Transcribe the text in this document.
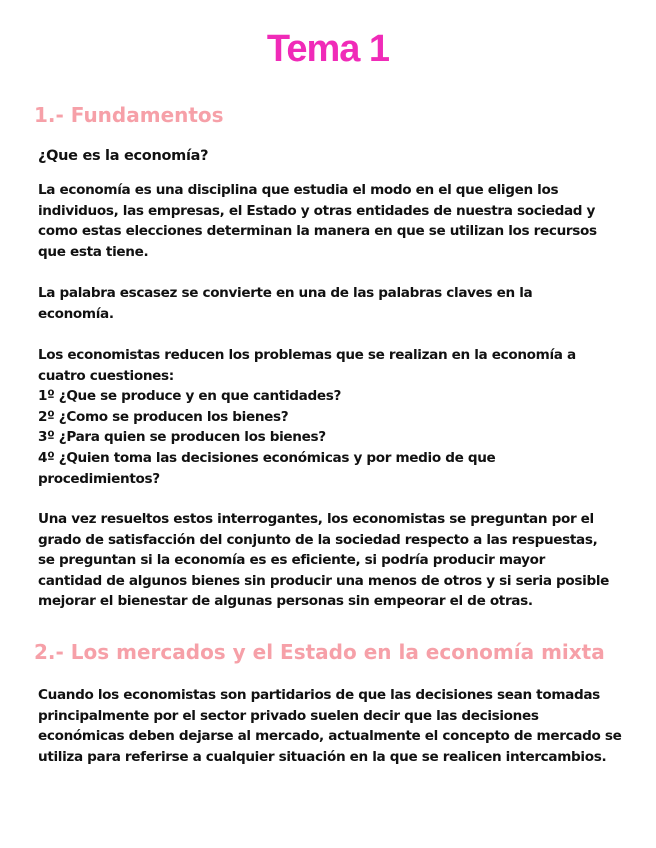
Tema 1
1.- Fundamentos
¿Que es la economía?
La economía es una disciplina que estudia el modo en el que eligen los
individuos, las empresas, el Estado y otras entidades de nuestra sociedad y
como estas elecciones determinan la manera en que se utilizan los recursos
que esta tiene.
La palabra escasez se convierte en una de las palabras claves en la
economía.
Los economistas reducen los problemas que se realizan en la economía a
cuatro cuestiones:
1º ¿Que se produce y en que cantidades?
2º ¿Como se producen los bienes?
3º ¿Para quien se producen los bienes?
4º ¿Quien toma las decisiones económicas y por medio de que
procedimientos?
Una vez resueltos estos interrogantes, los economistas se preguntan por el
grado de satisfacción del conjunto de la sociedad respecto a las respuestas,
se preguntan si la economía es es eficiente, si podría producir mayor
cantidad de algunos bienes sin producir una menos de otros y si seria posible
mejorar el bienestar de algunas personas sin empeorar el de otras.
2.- Los mercados y el Estado en la economía mixta
Cuando los economistas son partidarios de que las decisiones sean tomadas
principalmente por el sector privado suelen decir que las decisiones
económicas deben dejarse al mercado, actualmente el concepto de mercado se
utiliza para referirse a cualquier situación en la que se realicen intercambios.
